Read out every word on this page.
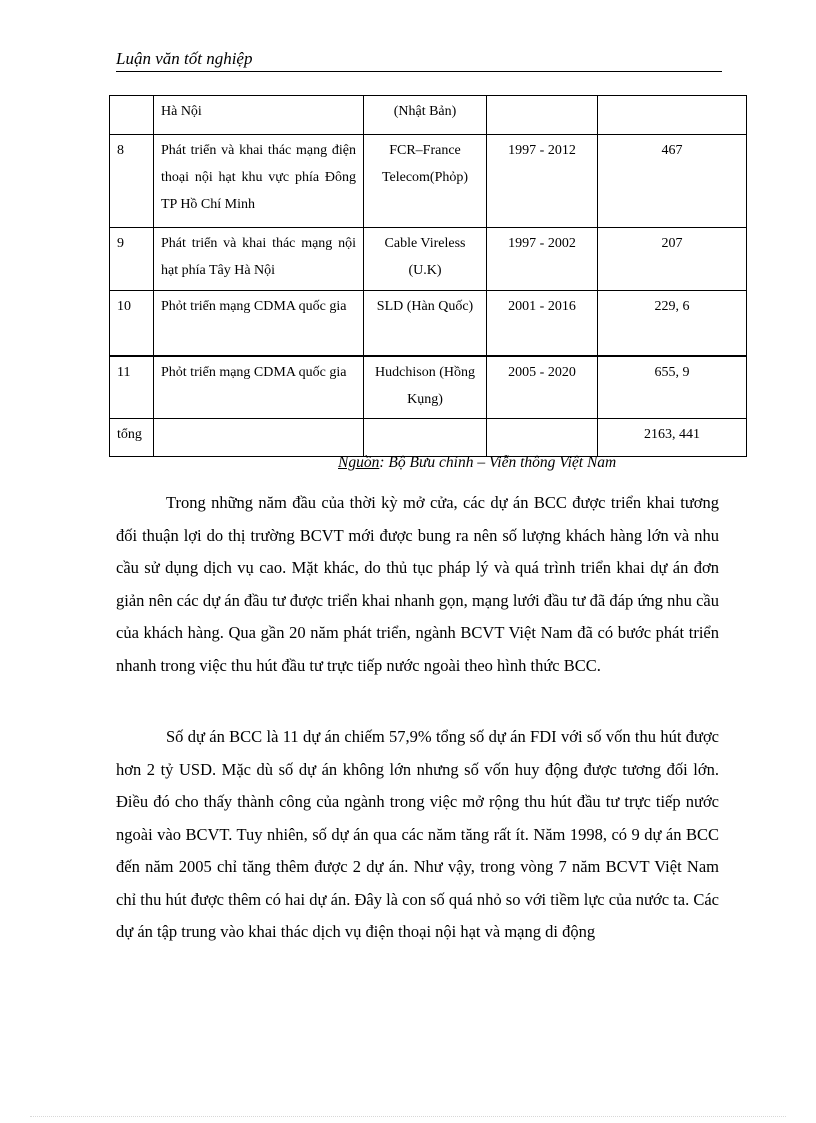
Luận văn tốt nghiệp
	Hà Nội	(Nhật Bản)		
8	Phát triển và khai thác mạng điện thoại nội hạt khu vực phía Đông TP Hồ Chí Minh	FCR–France Telecom(Phỏp)	1997 - 2012	467
9	Phát triển và khai thác mạng nội hạt phía Tây Hà Nội	Cable Vireless (U.K)	1997 - 2002	207
10	Phỏt triển mạng CDMA quốc gia	SLD (Hàn Quốc)	2001 - 2016	229, 6
11	Phỏt triển mạng CDMA quốc gia	Hudchison (Hồng Kụng)	2005 - 2020	655, 9
tổng				2163, 441
Nguồn: Bộ Bưu chính – Viễn thông Việt Nam

Trong những năm đầu của thời kỳ mở cửa, các dự án BCC được triển khai tương đối thuận lợi do thị trường BCVT mới được bung ra nên số lượng khách hàng lớn và nhu cầu sử dụng dịch vụ cao. Mặt khác, do thủ tục pháp lý và quá trình triển khai dự án đơn giản nên các dự án đầu tư được triển khai nhanh gọn, mạng lưới đầu tư đã đáp ứng nhu cầu của khách hàng. Qua gần 20 năm phát triển, ngành BCVT Việt Nam đã có bước phát triển nhanh trong việc thu hút đầu tư trực tiếp nước ngoài theo hình thức BCC.

Số dự án BCC là 11 dự án chiếm 57,9% tổng số dự án FDI với số vốn thu hút được hơn 2 tỷ USD. Mặc dù số dự án không lớn nhưng số vốn huy động được tương đối lớn. Điều đó cho thấy thành công của ngành trong việc mở rộng thu hút đầu tư trực tiếp nước ngoài vào BCVT. Tuy nhiên, số dự án qua các năm tăng rất ít. Năm 1998, có 9 dự án BCC đến năm 2005 chỉ tăng thêm được 2 dự án. Như vậy, trong vòng 7 năm BCVT Việt Nam chỉ thu hút được thêm có hai dự án. Đây là con số quá nhỏ so với tiềm lực của nước ta. Các dự án tập trung vào khai thác dịch vụ điện thoại nội hạt và mạng di động
